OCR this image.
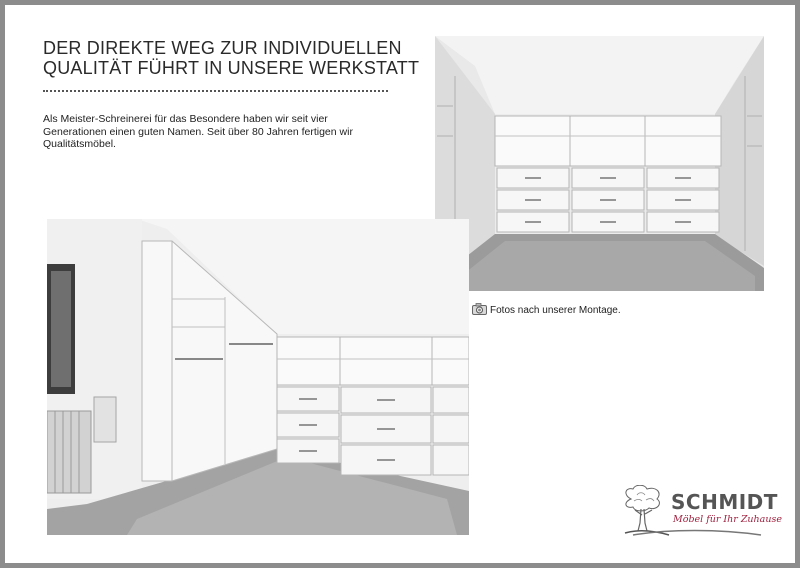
DER DIREKTE WEG ZUR INDIVIDUELLEN
QUALITÄT FÜHRT IN UNSERE WERKSTATT

Als Meister-Schreinerei für das Besondere haben wir seit vier Generationen einen guten Namen. Seit über 80 Jahren fertigen wir Qualitätsmöbel.

Fotos nach unserer Montage.
SCHMIDT
Möbel für Ihr Zuhause
